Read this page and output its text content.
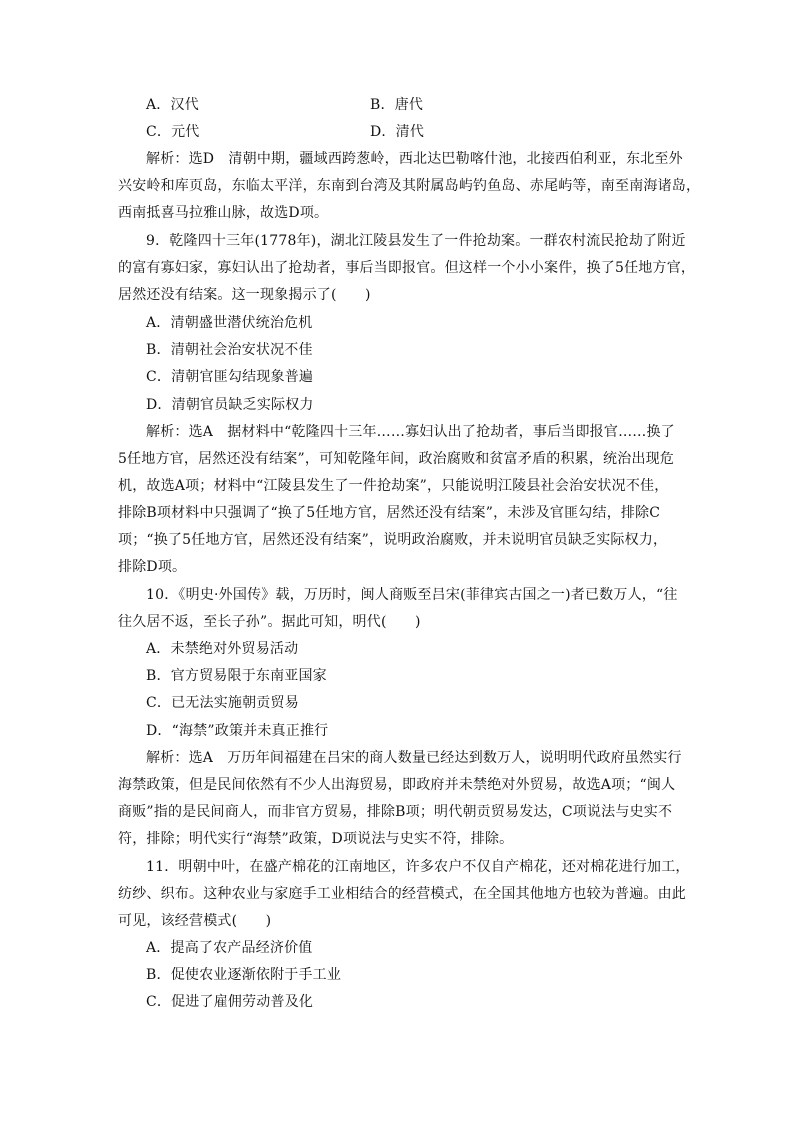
A．汉代	B．唐代
C．元代	D．清代
解析：选D　清朝中期，疆域西跨葱岭，西北达巴勒喀什池，北接西伯利亚，东北至外
兴安岭和库页岛，东临太平洋，东南到台湾及其附属岛屿钓鱼岛、赤尾屿等，南至南海诸岛，
西南抵喜马拉雅山脉，故选D项。
9．乾隆四十三年(1778年)，湖北江陵县发生了一件抢劫案。一群农村流民抢劫了附近
的富有寡妇家，寡妇认出了抢劫者，事后当即报官。但这样一个小小案件，换了5任地方官，
居然还没有结案。这一现象揭示了(　　)
A．清朝盛世潜伏统治危机
B．清朝社会治安状况不佳
C．清朝官匪勾结现象普遍
D．清朝官员缺乏实际权力
解析：选A　据材料中“乾隆四十三年……寡妇认出了抢劫者，事后当即报官……换了
5任地方官，居然还没有结案”，可知乾隆年间，政治腐败和贫富矛盾的积累，统治出现危
机，故选A项；材料中“江陵县发生了一件抢劫案”，只能说明江陵县社会治安状况不佳，
排除B项材料中只强调了“换了5任地方官，居然还没有结案”，未涉及官匪勾结，排除C
项；“换了5任地方官，居然还没有结案”，说明政治腐败，并未说明官员缺乏实际权力，
排除D项。
10．《明史·外国传》载，万历时，闽人商贩至吕宋(菲律宾古国之一)者已数万人，“往
往久居不返，至长子孙”。据此可知，明代(　　)
A．未禁绝对外贸易活动
B．官方贸易限于东南亚国家
C．已无法实施朝贡贸易
D．“海禁”政策并未真正推行
解析：选A　万历年间福建在吕宋的商人数量已经达到数万人，说明明代政府虽然实行
海禁政策，但是民间依然有不少人出海贸易，即政府并未禁绝对外贸易，故选A项；“闽人
商贩”指的是民间商人，而非官方贸易，排除B项；明代朝贡贸易发达，C项说法与史实不
符，排除；明代实行“海禁”政策，D项说法与史实不符，排除。
11．明朝中叶，在盛产棉花的江南地区，许多农户不仅自产棉花，还对棉花进行加工，
纺纱、织布。这种农业与家庭手工业相结合的经营模式，在全国其他地方也较为普遍。由此
可见，该经营模式(　　)
A．提高了农产品经济价值
B．促使农业逐渐依附于手工业
C．促进了雇佣劳动普及化
